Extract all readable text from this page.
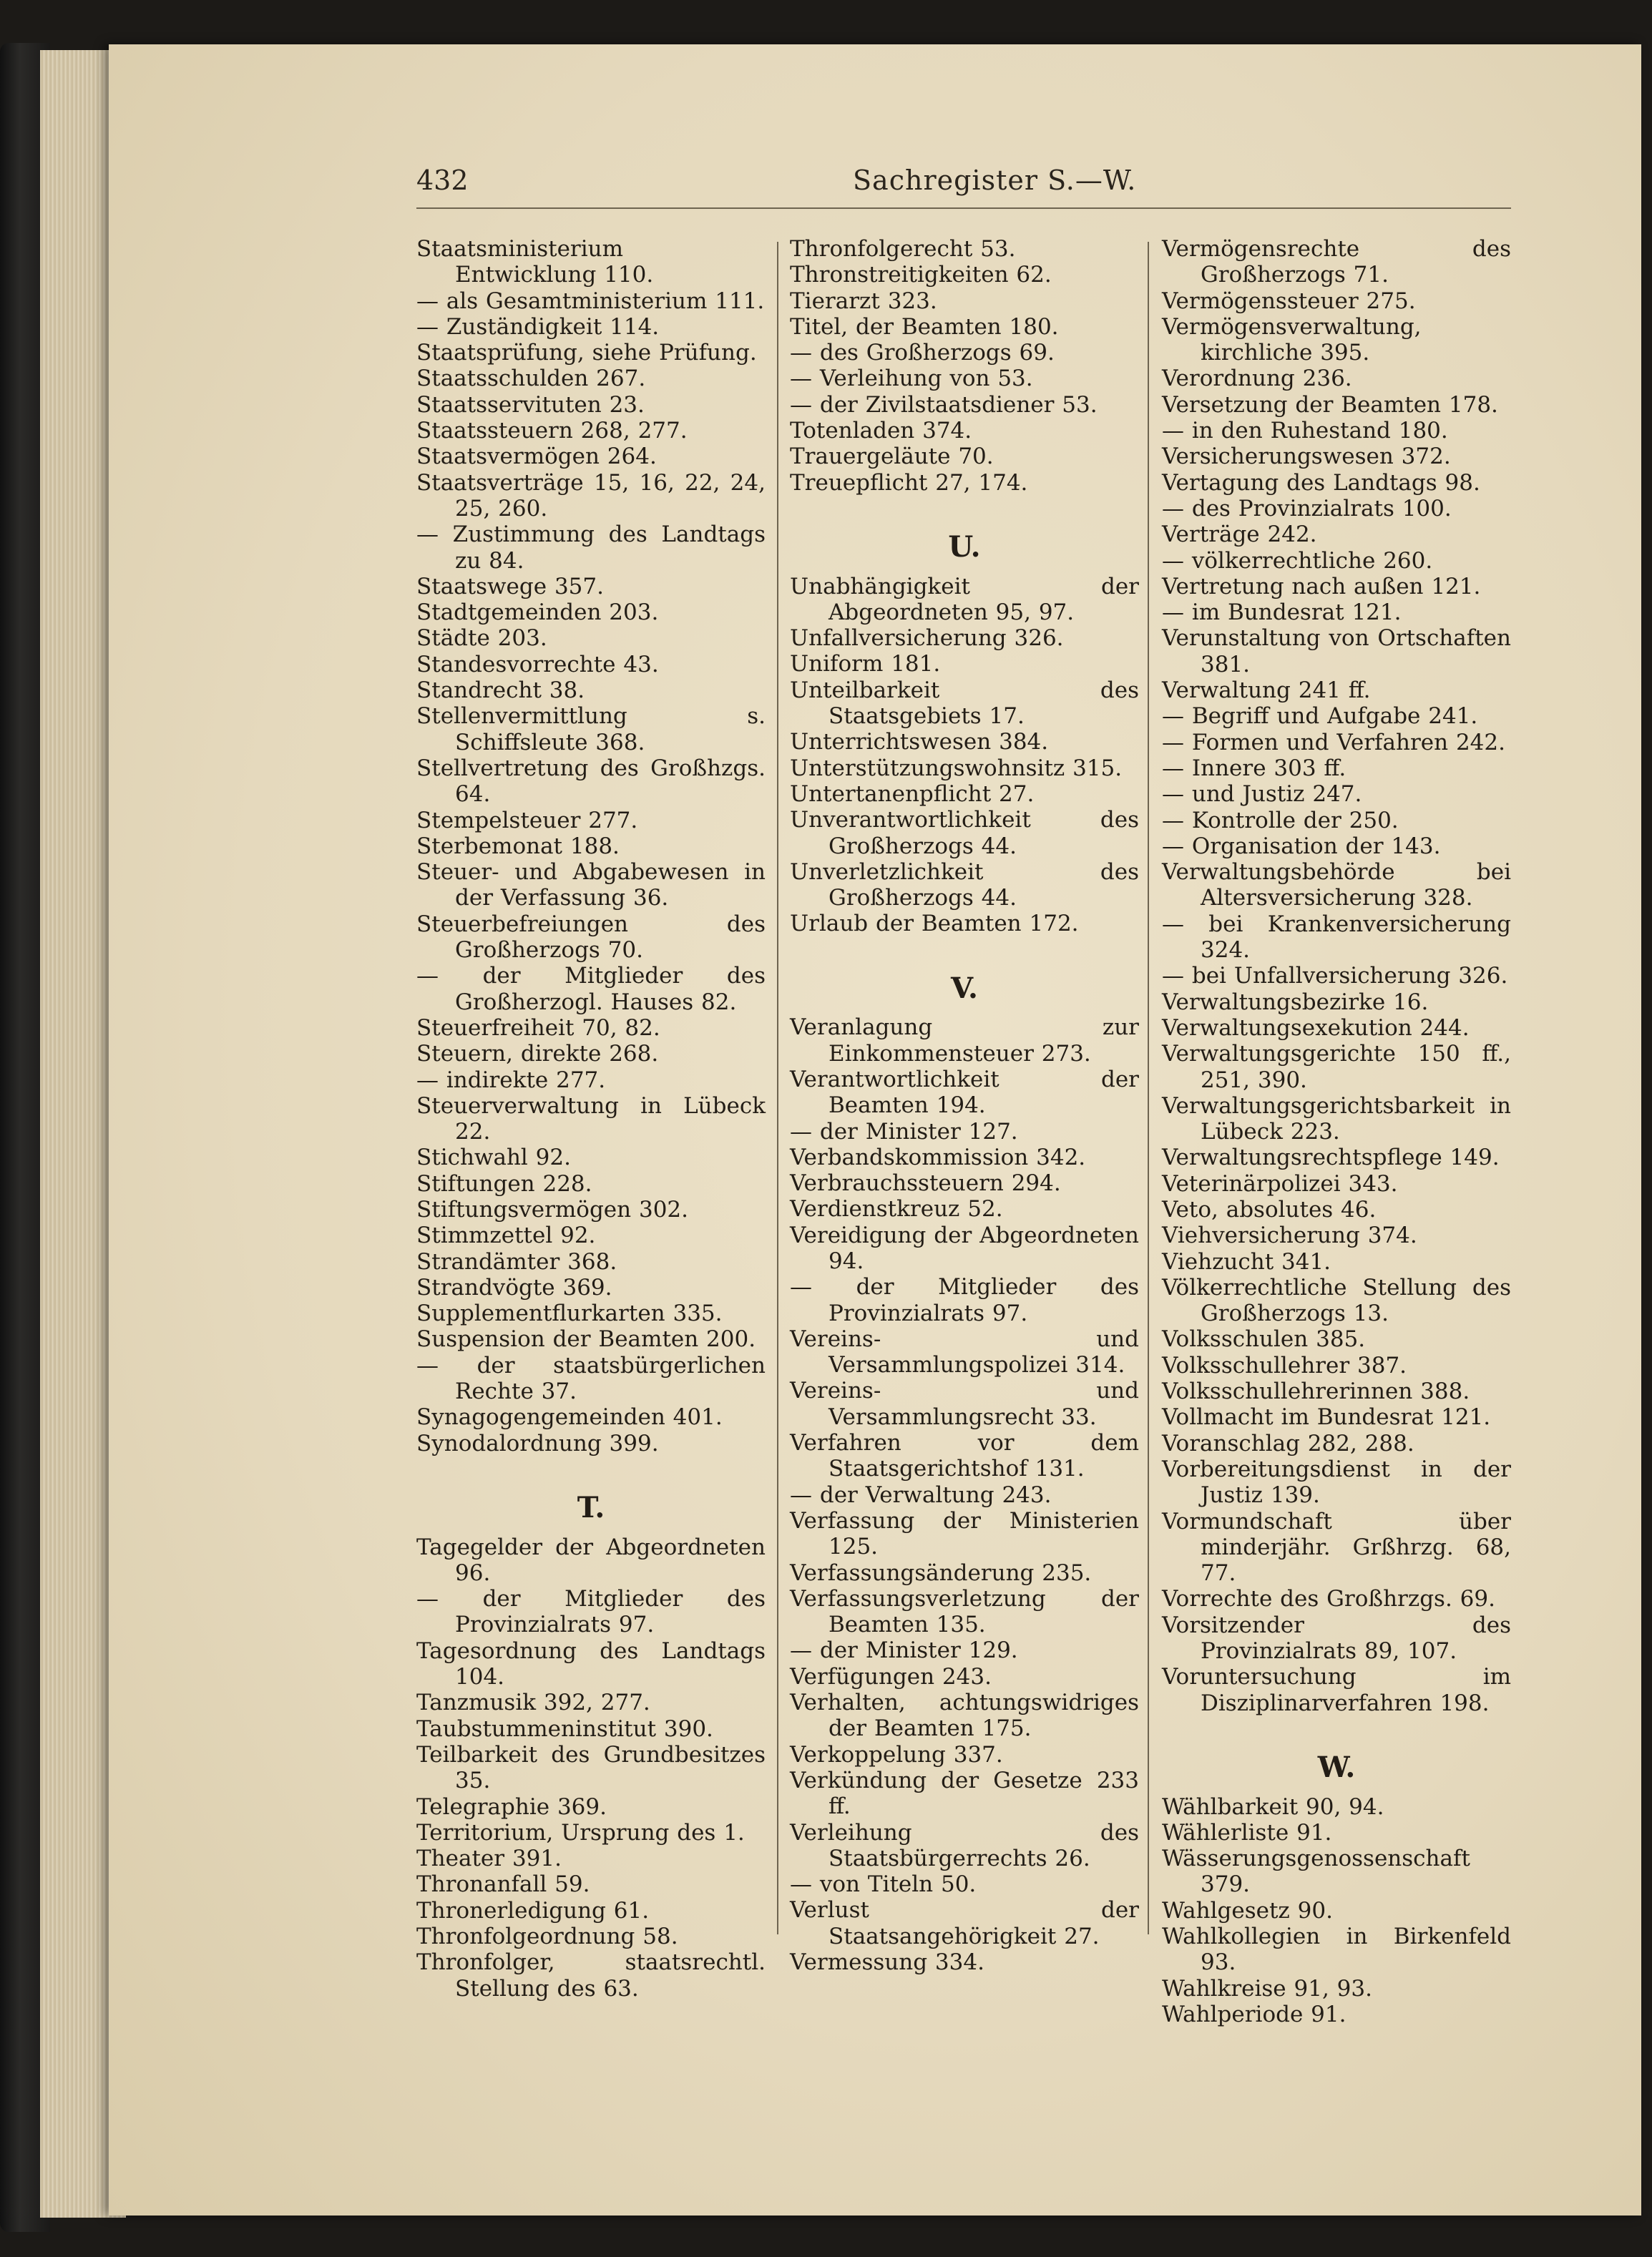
432	Sachregister S.—W.

Staatsministerium Entwicklung 110.

— als Gesamtministerium 111.

— Zuständigkeit 114.

Staatsprüfung, siehe Prüfung.

Staatsschulden 267.

Staatsservituten 23.

Staatssteuern 268, 277.

Staatsvermögen 264.

Staatsverträge 15, 16, 22, 24, 25, 260.

— Zustimmung des Landtags zu 84.

Staatswege 357.

Stadtgemeinden 203.

Städte 203.

Standesvorrechte 43.

Standrecht 38.

Stellenvermittlung s. Schiffsleute 368.

Stellvertretung des Großhzgs. 64.

Stempelsteuer 277.

Sterbemonat 188.

Steuer- und Abgabewesen in der Verfassung 36.

Steuerbefreiungen des Großherzogs 70.

— der Mitglieder des Großherzogl. Hauses 82.

Steuerfreiheit 70, 82.

Steuern, direkte 268.

— indirekte 277.

Steuerverwaltung in Lübeck 22.

Stichwahl 92.

Stiftungen 228.

Stiftungsvermögen 302.

Stimmzettel 92.

Strandämter 368.

Strandvögte 369.

Supplementflurkarten 335.

Suspension der Beamten 200.

— der staatsbürgerlichen Rechte 37.

Synagogengemeinden 401.

Synodalordnung 399.

T.

Tagegelder der Abgeordneten 96.

— der Mitglieder des Provinzialrats 97.

Tagesordnung des Landtags 104.

Tanzmusik 392, 277.

Taubstummeninstitut 390.

Teilbarkeit des Grundbesitzes 35.

Telegraphie 369.

Territorium, Ursprung des 1.

Theater 391.

Thronanfall 59.

Thronerledigung 61.

Thronfolgeordnung 58.

Thronfolger, staatsrechtl. Stellung des 63.

Thronfolgerecht 53.

Thronstreitigkeiten 62.

Tierarzt 323.

Titel, der Beamten 180.

— des Großherzogs 69.

— Verleihung von 53.

— der Zivilstaatsdiener 53.

Totenladen 374.

Trauergeläute 70.

Treuepflicht 27, 174.

U.

Unabhängigkeit der Abgeordneten 95, 97.

Unfallversicherung 326.

Uniform 181.

Unteilbarkeit des Staatsgebiets 17.

Unterrichtswesen 384.

Unterstützungswohnsitz 315.

Untertanenpflicht 27.

Unverantwortlichkeit des Großherzogs 44.

Unverletzlichkeit des Großherzogs 44.

Urlaub der Beamten 172.

V.

Veranlagung zur Einkommensteuer 273.

Verantwortlichkeit der Beamten 194.

— der Minister 127.

Verbandskommission 342.

Verbrauchssteuern 294.

Verdienstkreuz 52.

Vereidigung der Abgeordneten 94.

— der Mitglieder des Provinzialrats 97.

Vereins- und Versammlungspolizei 314.

Vereins- und Versammlungsrecht 33.

Verfahren vor dem Staatsgerichtshof 131.

— der Verwaltung 243.

Verfassung der Ministerien 125.

Verfassungsänderung 235.

Verfassungsverletzung der Beamten 135.

— der Minister 129.

Verfügungen 243.

Verhalten, achtungswidriges der Beamten 175.

Verkoppelung 337.

Verkündung der Gesetze 233 ff.

Verleihung des Staatsbürgerrechts 26.

— von Titeln 50.

Verlust der Staatsangehörigkeit 27.

Vermessung 334.

Vermögensrechte des Großherzogs 71.

Vermögenssteuer 275.

Vermögensverwaltung, kirchliche 395.

Verordnung 236.

Versetzung der Beamten 178.

— in den Ruhestand 180.

Versicherungswesen 372.

Vertagung des Landtags 98.

— des Provinzialrats 100.

Verträge 242.

— völkerrechtliche 260.

Vertretung nach außen 121.

— im Bundesrat 121.

Verunstaltung von Ortschaften 381.

Verwaltung 241 ff.

— Begriff und Aufgabe 241.

— Formen und Verfahren 242.

— Innere 303 ff.

— und Justiz 247.

— Kontrolle der 250.

— Organisation der 143.

Verwaltungsbehörde bei Altersversicherung 328.

— bei Krankenversicherung 324.

— bei Unfallversicherung 326.

Verwaltungsbezirke 16.

Verwaltungsexekution 244.

Verwaltungsgerichte 150 ff., 251, 390.

Verwaltungsgerichtsbarkeit in Lübeck 223.

Verwaltungsrechtspflege 149.

Veterinärpolizei 343.

Veto, absolutes 46.

Viehversicherung 374.

Viehzucht 341.

Völkerrechtliche Stellung des Großherzogs 13.

Volksschulen 385.

Volksschullehrer 387.

Volksschullehrerinnen 388.

Vollmacht im Bundesrat 121.

Voranschlag 282, 288.

Vorbereitungsdienst in der Justiz 139.

Vormundschaft über minderjähr. Grßhrzg. 68, 77.

Vorrechte des Großhrzgs. 69.

Vorsitzender des Provinzialrats 89, 107.

Voruntersuchung im Disziplinarverfahren 198.

W.

Wählbarkeit 90, 94.

Wählerliste 91.

Wässerungsgenossenschaft 379.

Wahlgesetz 90.

Wahlkollegien in Birkenfeld 93.

Wahlkreise 91, 93.

Wahlperiode 91.
